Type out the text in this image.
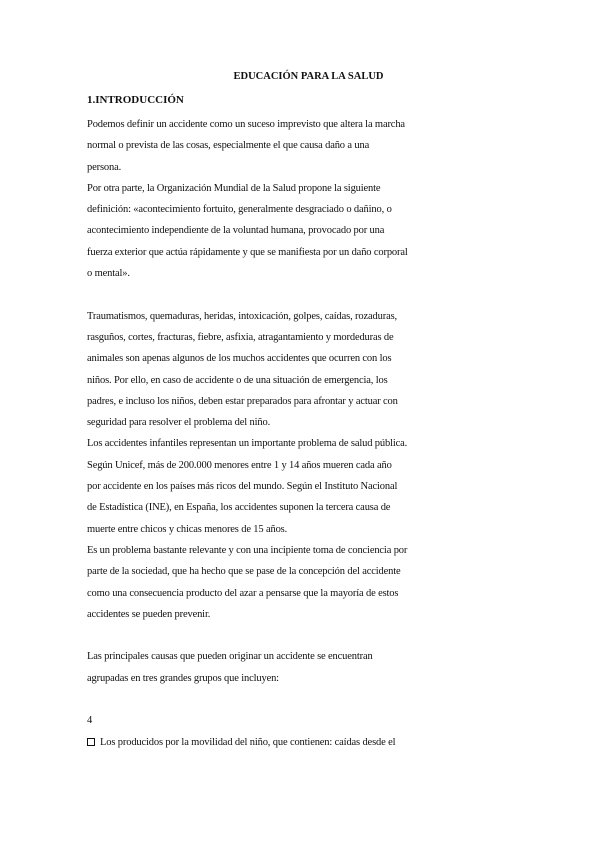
EDUCACIÓN PARA LA SALUD
1.INTRODUCCIÓN
Podemos definir un accidente como un suceso imprevisto que altera la marcha
normal o prevista de las cosas, especialmente el que causa daño a una
persona.
Por otra parte, la Organización Mundial de la Salud propone la siguiente
definición: «acontecimiento fortuito, generalmente desgraciado o dañino, o
acontecimiento independiente de la voluntad humana, provocado por una
fuerza exterior que actúa rápidamente y que se manifiesta por un daño corporal
o mental».
Traumatismos, quemaduras, heridas, intoxicación, golpes, caídas, rozaduras,
rasguños, cortes, fracturas, fiebre, asfixia, atragantamiento y mordeduras de
animales son apenas algunos de los muchos accidentes que ocurren con los
niños. Por ello, en caso de accidente o de una situación de emergencia, los
padres, e incluso los niños, deben estar preparados para afrontar y actuar con
seguridad para resolver el problema del niño.
Los accidentes infantiles representan un importante problema de salud pública.
Según Unicef, más de 200.000 menores entre 1 y 14 años mueren cada año
por accidente en los países más ricos del mundo. Según el Instituto Nacional
de Estadística (INE), en España, los accidentes suponen la tercera causa de
muerte entre chicos y chicas menores de 15 años.
Es un problema bastante relevante y con una incipiente toma de conciencia por
parte de la sociedad, que ha hecho que se pase de la concepción del accidente
como una consecuencia producto del azar a pensarse que la mayoría de estos
accidentes se pueden prevenir.
Las principales causas que pueden originar un accidente se encuentran
agrupadas en tres grandes grupos que incluyen:
4
Los producidos por la movilidad del niño, que contienen: caídas desde el
